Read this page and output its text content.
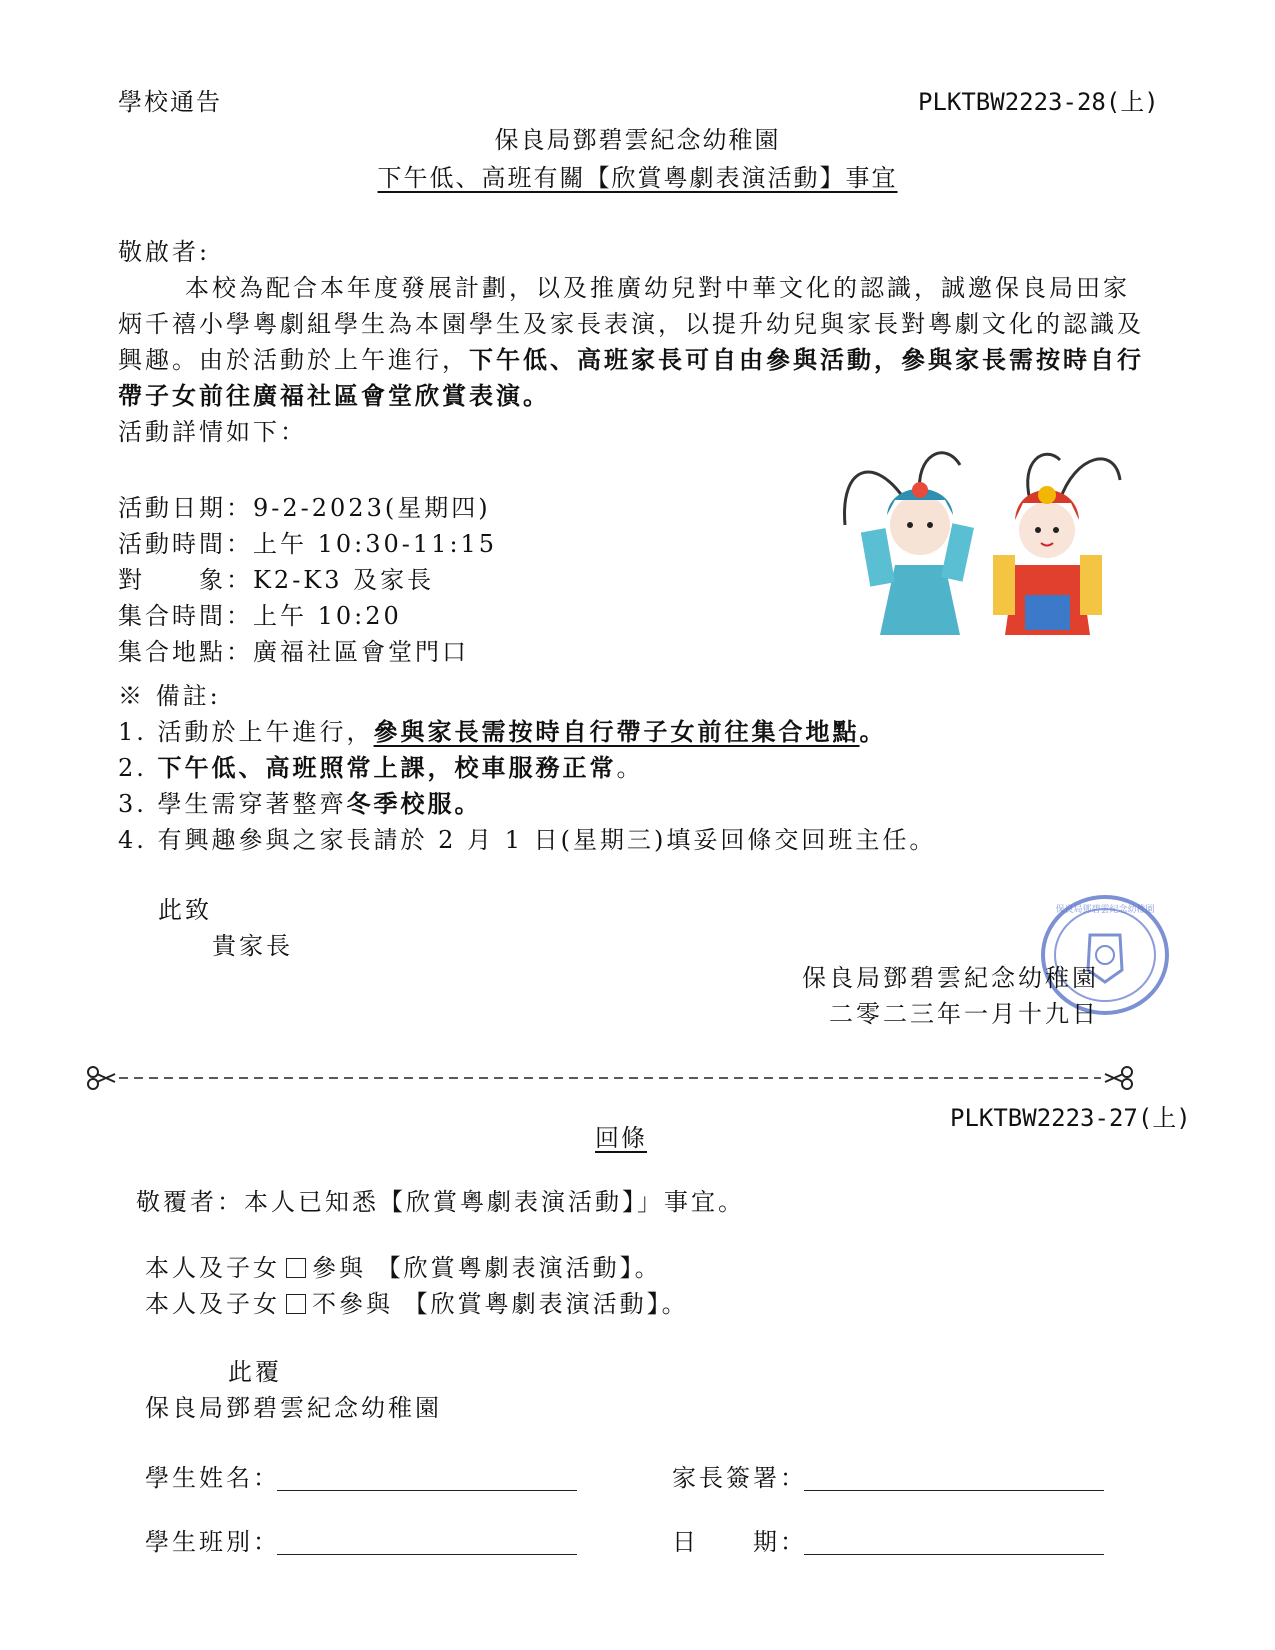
學校通告	PLKTBW2223-28(上)
保良局鄧碧雲紀念幼稚園
下午低、高班有關【欣賞粵劇表演活動】事宜
敬啟者:
本校為配合本年度發展計劃，以及推廣幼兒對中華文化的認識，誠邀保良局田家
炳千禧小學粵劇組學生為本園學生及家長表演，以提升幼兒與家長對粵劇文化的認識及
興趣。由於活動於上午進行，下午低、高班家長可自由參與活動，參與家長需按時自行
帶子女前往廣福社區會堂欣賞表演。
活動詳情如下：
活動日期：9-2-2023(星期四)
活動時間：上午 10:30-11:15
對　　象：K2-K3 及家長
集合時間：上午 10:20
集合地點：廣福社區會堂門口
※ 備註:
1. 活動於上午進行，參與家長需按時自行帶子女前往集合地點。
2. 下午低、高班照常上課，校車服務正常。
3. 學生需穿著整齊冬季校服。
4. 有興趣參與之家長請於 2 月 1 日(星期三)填妥回條交回班主任。
此致
貴家長
保良局鄧碧雲紀念幼稚園
保良局鄧碧雲紀念幼稚園
二零二三年一月十九日
PLKTBW2223-27(上)
回條
敬覆者：本人已知悉【欣賞粵劇表演活動】」事宜。
本人及子女 參與 【欣賞粵劇表演活動】。
本人及子女 不參與 【欣賞粵劇表演活動】。
此覆
保良局鄧碧雲紀念幼稚園
學生姓名：	家長簽署：
學生班別：	日　　期：
